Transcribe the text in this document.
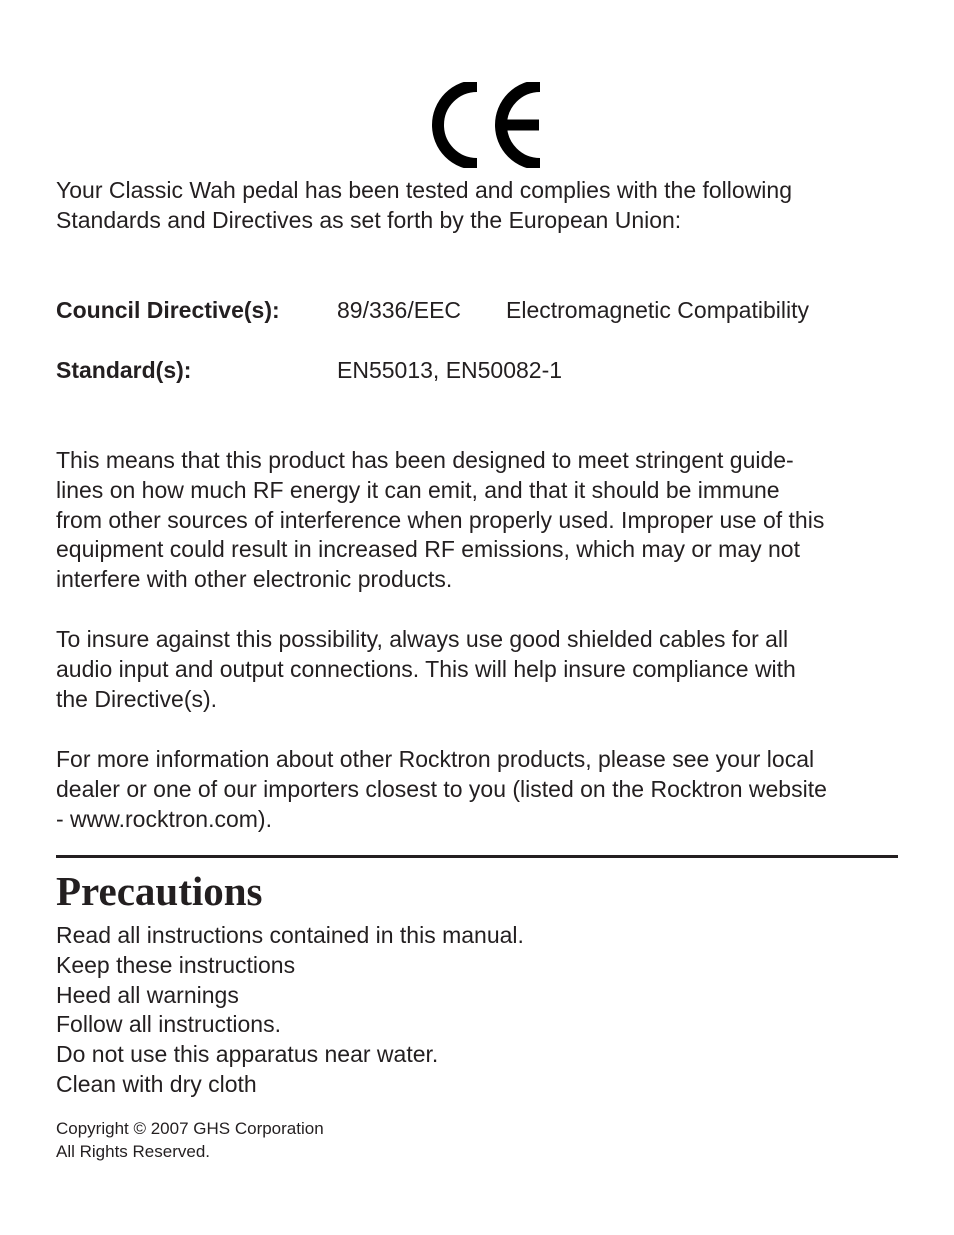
Your Classic Wah pedal has been tested and complies with the following
Standards and Directives as set forth by the European Union:
Council Directive(s): 89/336/EEC Electromagnetic Compatibility
Standard(s):	EN55013, EN50082-1
This means that this product has been designed to meet stringent guide-
lines on how much RF energy it can emit, and that it should be immune
from other sources of interference when properly used. Improper use of this
equipment could result in increased RF emissions, which may or may not
interfere with other electronic products.
To insure against this possibility, always use good shielded cables for all
audio input and output connections. This will help insure compliance with
the Directive(s).
For more information about other Rocktron products, please see your local
dealer or one of our importers closest to you (listed on the Rocktron website
- www.rocktron.com).
Precautions
Read all instructions contained in this manual.
Keep these instructions
Heed all warnings
Follow all instructions.
Do not use this apparatus near water.
Clean with dry cloth
Copyright © 2007 GHS Corporation
All Rights Reserved.
